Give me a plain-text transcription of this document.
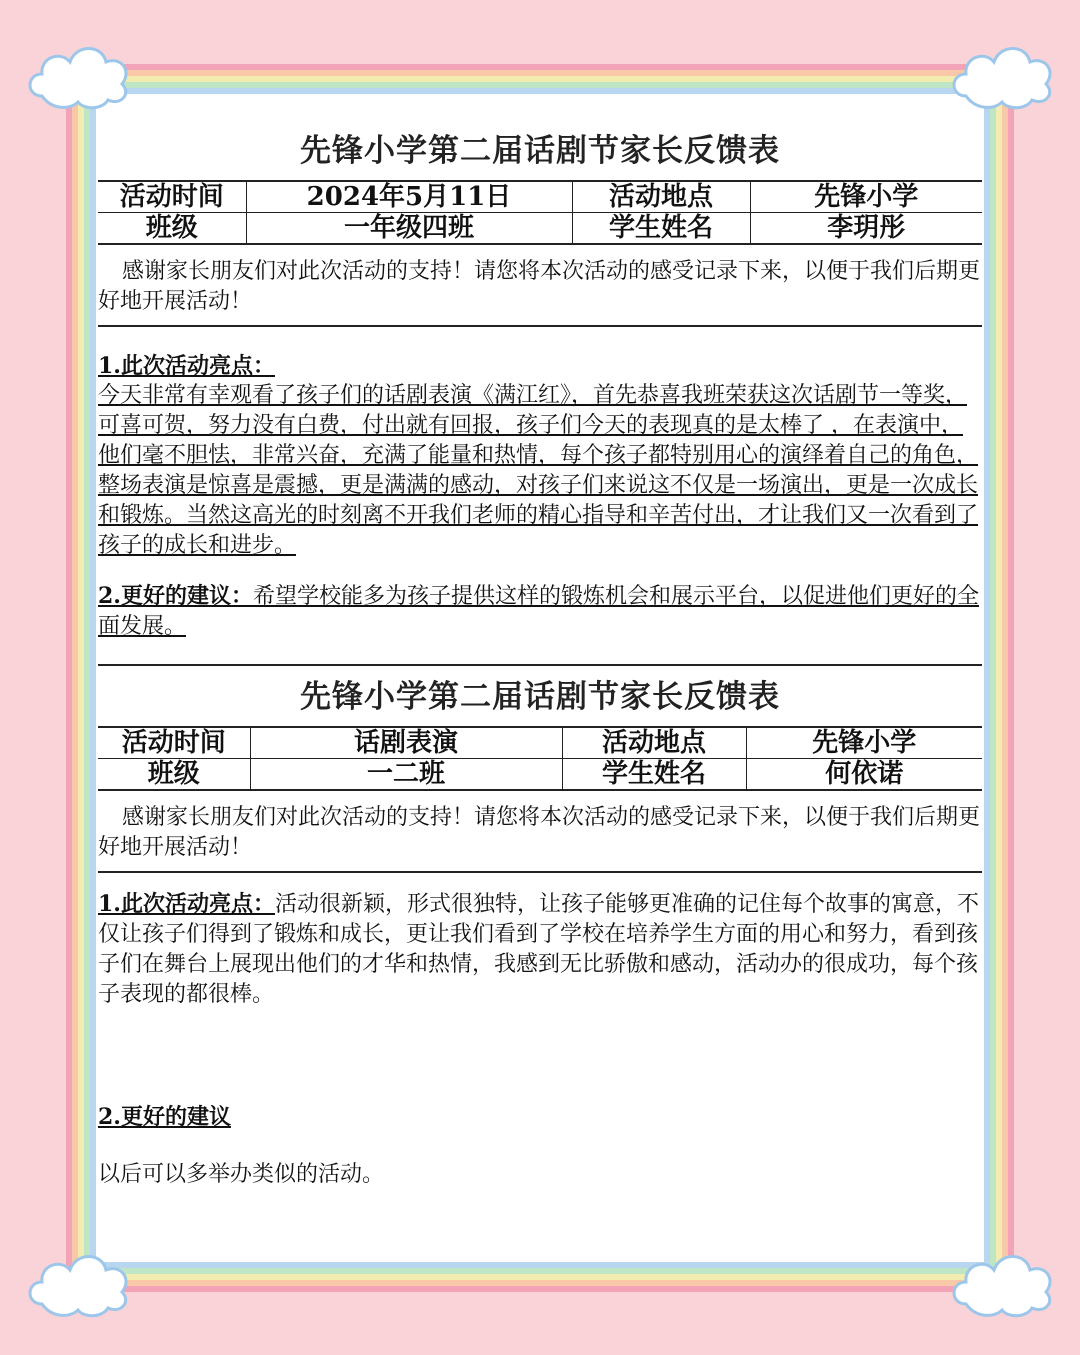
先锋小学第二届话剧节家长反馈表
活动时间	2024年5月11日	活动地点	先锋小学
班级	一年级四班	学生姓名	李玥彤
感谢家长朋友们对此次活动的支持！请您将本次活动的感受记录下来，以便于我们后期更好地开展活动！
1.此次活动亮点：
今天非常有幸观看了孩子们的话剧表演《满江红》，首先恭喜我班荣获这次话剧节一等奖，可喜可贺，努力没有白费，付出就有回报，孩子们今天的表现真的是太棒了 ，在表演中，他们毫不胆怯，非常兴奋，充满了能量和热情，每个孩子都特别用心的演绎着自己的角色，整场表演是惊喜是震撼，更是满满的感动，对孩子们来说这不仅是一场演出，更是一次成长和锻炼。当然这高光的时刻离不开我们老师的精心指导和辛苦付出，才让我们又一次看到了孩子的成长和进步。
2.更好的建议：希望学校能多为孩子提供这样的锻炼机会和展示平台，以促进他们更好的全面发展。
先锋小学第二届话剧节家长反馈表
活动时间	话剧表演	活动地点	先锋小学
班级	一二班	学生姓名	何依诺
感谢家长朋友们对此次活动的支持！请您将本次活动的感受记录下来，以便于我们后期更好地开展活动！
1.此次活动亮点：活动很新颖，形式很独特，让孩子能够更准确的记住每个故事的寓意，不仅让孩子们得到了锻炼和成长，更让我们看到了学校在培养学生方面的用心和努力，看到孩子们在舞台上展现出他们的才华和热情，我感到无比骄傲和感动，活动办的很成功，每个孩子表现的都很棒。
2.更好的建议
以后可以多举办类似的活动。
